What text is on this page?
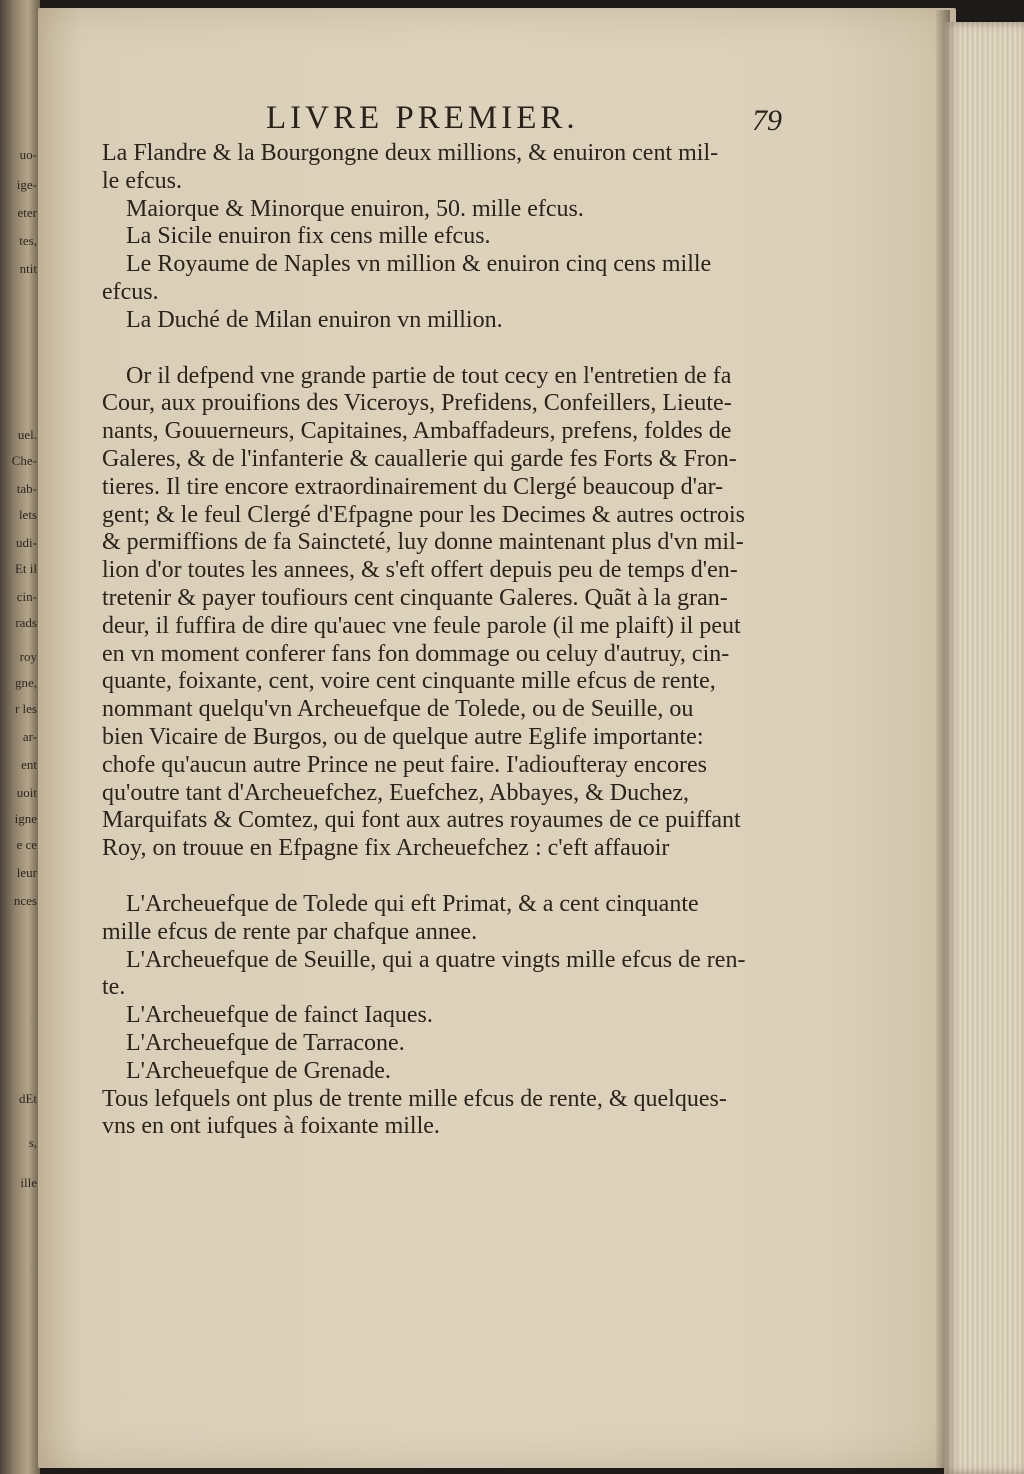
uo-
ige-
eter
tes,
ntit
uel.
Che-
tab-
lets
udi-
Et il
cin-
rads
roy
gne,
r les
ar-
ent
uoit
igne
e ce
leur
nces
dEt
s,
ille
LIVRE PREMIER.	79
La Flandre & la Bourgongne deux millions, & enuiron cent mil-
le efcus.
Maiorque & Minorque enuiron, 50. mille efcus.
La Sicile enuiron fix cens mille efcus.
Le Royaume de Naples vn million & enuiron cinq cens mille
efcus.
La Duché de Milan enuiron vn million.
Or il defpend vne grande partie de tout cecy en l'entretien de fa
Cour, aux prouifions des Viceroys, Prefidens, Confeillers, Lieute-
nants, Gouuerneurs, Capitaines, Ambaffadeurs, prefens, foldes de
Galeres, & de l'infanterie & cauallerie qui garde fes Forts & Fron-
tieres. Il tire encore extraordinairement du Clergé beaucoup d'ar-
gent; & le feul Clergé d'Efpagne pour les Decimes & autres octrois
& permiffions de fa Saincteté, luy donne maintenant plus d'vn mil-
lion d'or toutes les annees, & s'eft offert depuis peu de temps d'en-
tretenir & payer toufiours cent cinquante Galeres. Quãt à la gran-
deur, il fuffira de dire qu'auec vne feule parole (il me plaift) il peut
en vn moment conferer fans fon dommage ou celuy d'autruy, cin-
quante, foixante, cent, voire cent cinquante mille efcus de rente,
nommant quelqu'vn Archeuefque de Tolede, ou de Seuille, ou
bien Vicaire de Burgos, ou de quelque autre Eglife importante:
chofe qu'aucun autre Prince ne peut faire. I'adioufteray encores
qu'outre tant d'Archeuefchez, Euefchez, Abbayes, & Duchez,
Marquifats & Comtez, qui font aux autres royaumes de ce puiffant
Roy, on trouue en Efpagne fix Archeuefchez : c'eft affauoir
L'Archeuefque de Tolede qui eft Primat, & a cent cinquante
mille efcus de rente par chafque annee.
L'Archeuefque de Seuille, qui a quatre vingts mille efcus de ren-
te.
L'Archeuefque de fainct Iaques.
L'Archeuefque de Tarracone.
L'Archeuefque de Grenade.
Tous lefquels ont plus de trente mille efcus de rente, & quelques-
vns en ont iufques à foixante mille.
